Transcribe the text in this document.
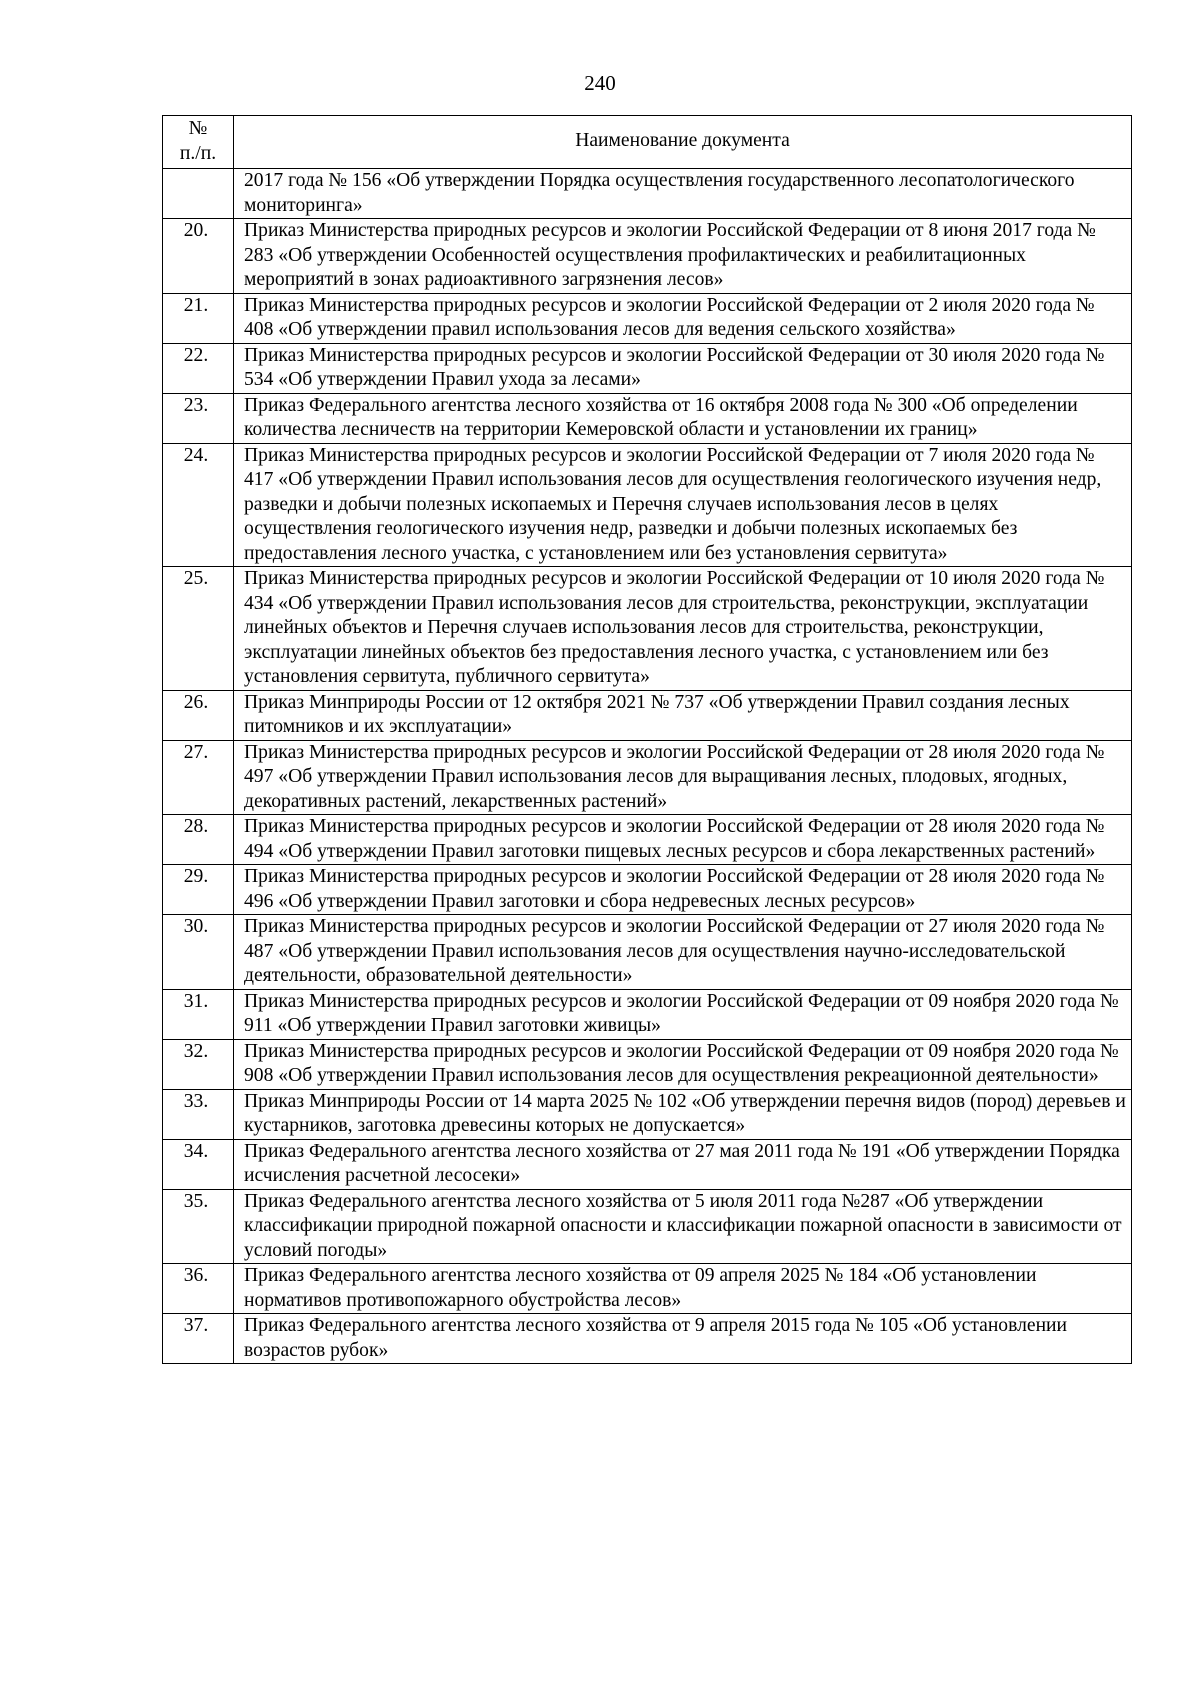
240
№
п./п.	Наименование документа
	2017 года № 156 «Об утверждении Порядка осуществления государственного лесопатологического мониторинга»
20.	Приказ Министерства природных ресурсов и экологии Российской Федерации от 8 июня 2017 года № 283 «Об утверждении Особенностей осуществления профилактических и реабилитационных мероприятий в зонах радиоактивного загрязнения лесов»
21.	Приказ Министерства природных ресурсов и экологии Российской Федерации от 2 июля 2020 года № 408 «Об утверждении правил использования лесов для ведения сельского хозяйства»
22.	Приказ Министерства природных ресурсов и экологии Российской Федерации от 30 июля 2020 года № 534 «Об утверждении Правил ухода за лесами»
23.	Приказ Федерального агентства лесного хозяйства от 16 октября 2008 года № 300 «Об определении количества лесничеств на территории Кемеровской области и установлении их границ»
24.	Приказ Министерства природных ресурсов и экологии Российской Федерации от 7 июля 2020 года № 417 «Об утверждении Правил использования лесов для осуществления геологического изучения недр, разведки и добычи полезных ископаемых и Перечня случаев использования лесов в целях осуществления геологического изучения недр, разведки и добычи полезных ископаемых без предоставления лесного участка, с установлением или без установления сервитута»
25.	Приказ Министерства природных ресурсов и экологии Российской Федерации от 10 июля 2020 года № 434 «Об утверждении Правил использования лесов для строительства, реконструкции, эксплуатации линейных объектов и Перечня случаев использования лесов для строительства, реконструкции, эксплуатации линейных объектов без предоставления лесного участка, с установлением или без установления сервитута, публичного сервитута»
26.	Приказ Минприроды России от 12 октября 2021 № 737 «Об утверждении Правил создания лесных питомников и их эксплуатации»
27.	Приказ Министерства природных ресурсов и экологии Российской Федерации от 28 июля 2020 года № 497 «Об утверждении Правил использования лесов для выращивания лесных, плодовых, ягодных, декоративных растений, лекарственных растений»
28.	Приказ Министерства природных ресурсов и экологии Российской Федерации от 28 июля 2020 года № 494 «Об утверждении Правил заготовки пищевых лесных ресурсов и сбора лекарственных растений»
29.	Приказ Министерства природных ресурсов и экологии Российской Федерации от 28 июля 2020 года № 496 «Об утверждении Правил заготовки и сбора недревесных лесных ресурсов»
30.	Приказ Министерства природных ресурсов и экологии Российской Федерации от 27 июля 2020 года № 487 «Об утверждении Правил использования лесов для осуществления научно-исследовательской деятельности, образовательной деятельности»
31.	Приказ Министерства природных ресурсов и экологии Российской Федерации от 09 ноября 2020 года № 911 «Об утверждении Правил заготовки живицы»
32.	Приказ Министерства природных ресурсов и экологии Российской Федерации от 09 ноября 2020 года № 908 «Об утверждении Правил использования лесов для осуществления рекреационной деятельности»
33.	Приказ Минприроды России от 14 марта 2025 № 102 «Об утверждении перечня видов (пород) деревьев и кустарников, заготовка древесины которых не допускается»
34.	Приказ Федерального агентства лесного хозяйства от 27 мая 2011 года № 191 «Об утверждении Порядка исчисления расчетной лесосеки»
35.	Приказ Федерального агентства лесного хозяйства от 5 июля 2011 года №287 «Об утверждении классификации природной пожарной опасности и классификации пожарной опасности в зависимости от условий погоды»
36.	Приказ Федерального агентства лесного хозяйства от 09 апреля 2025 № 184 «Об установлении нормативов противопожарного обустройства лесов»
37.	Приказ Федерального агентства лесного хозяйства от 9 апреля 2015 года № 105 «Об установлении возрастов рубок»
